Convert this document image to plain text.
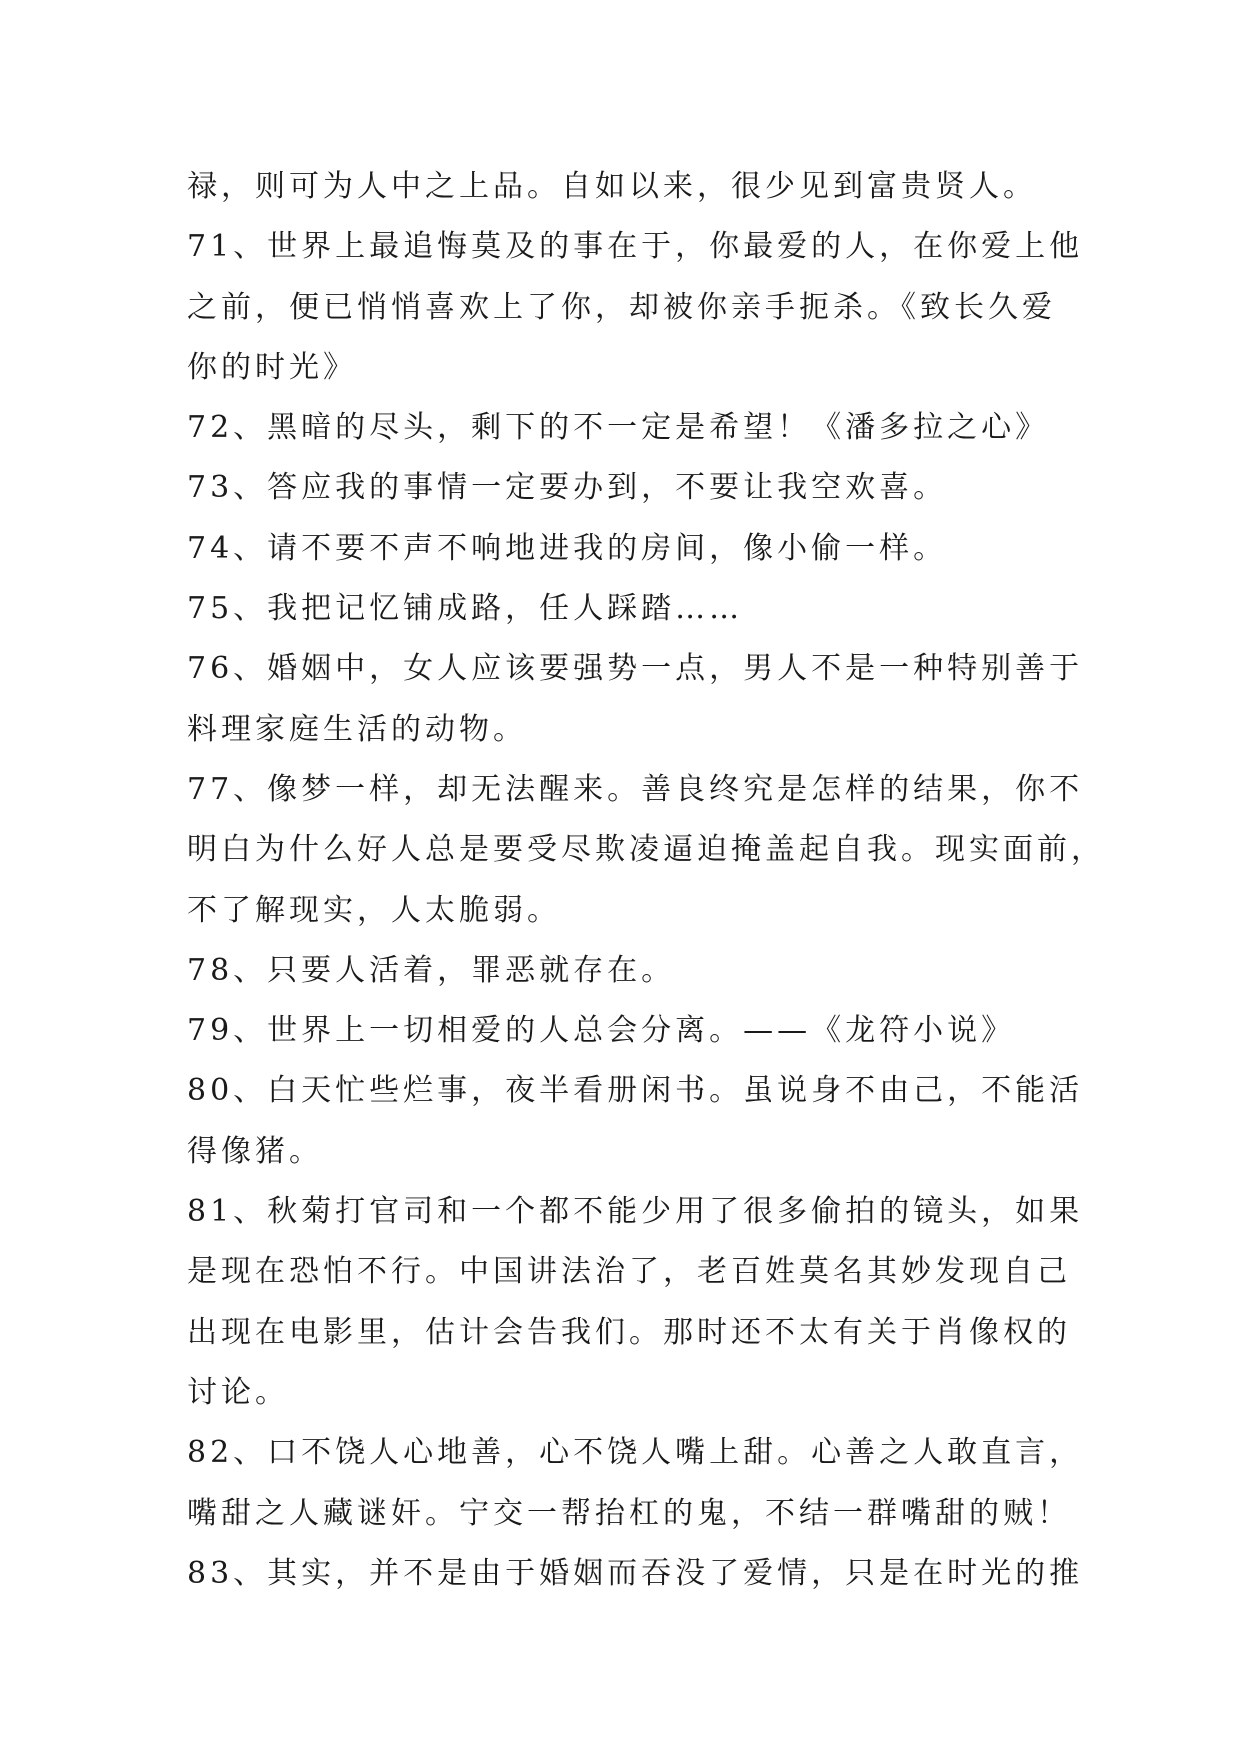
禄，则可为人中之上品。自如以来，很少见到富贵贤人。
71、世界上最追悔莫及的事在于，你最爱的人，在你爱上他
之前，便已悄悄喜欢上了你，却被你亲手扼杀。《致长久爱
你的时光》
72、黑暗的尽头，剩下的不一定是希望！《潘多拉之心》
73、答应我的事情一定要办到，不要让我空欢喜。
74、请不要不声不响地进我的房间，像小偷一样。
75、我把记忆铺成路，任人踩踏……
76、婚姻中，女人应该要强势一点，男人不是一种特别善于
料理家庭生活的动物。
77、像梦一样，却无法醒来。善良终究是怎样的结果，你不
明白为什么好人总是要受尽欺凌逼迫掩盖起自我。现实面前，
不了解现实，人太脆弱。
78、只要人活着，罪恶就存在。
79、世界上一切相爱的人总会分离。——《龙符小说》
80、白天忙些烂事，夜半看册闲书。虽说身不由己，不能活
得像猪。
81、秋菊打官司和一个都不能少用了很多偷拍的镜头，如果
是现在恐怕不行。中国讲法治了，老百姓莫名其妙发现自己
出现在电影里，估计会告我们。那时还不太有关于肖像权的
讨论。
82、口不饶人心地善，心不饶人嘴上甜。心善之人敢直言，
嘴甜之人藏谜奸。宁交一帮抬杠的鬼，不结一群嘴甜的贼！
83、其实，并不是由于婚姻而吞没了爱情，只是在时光的推
